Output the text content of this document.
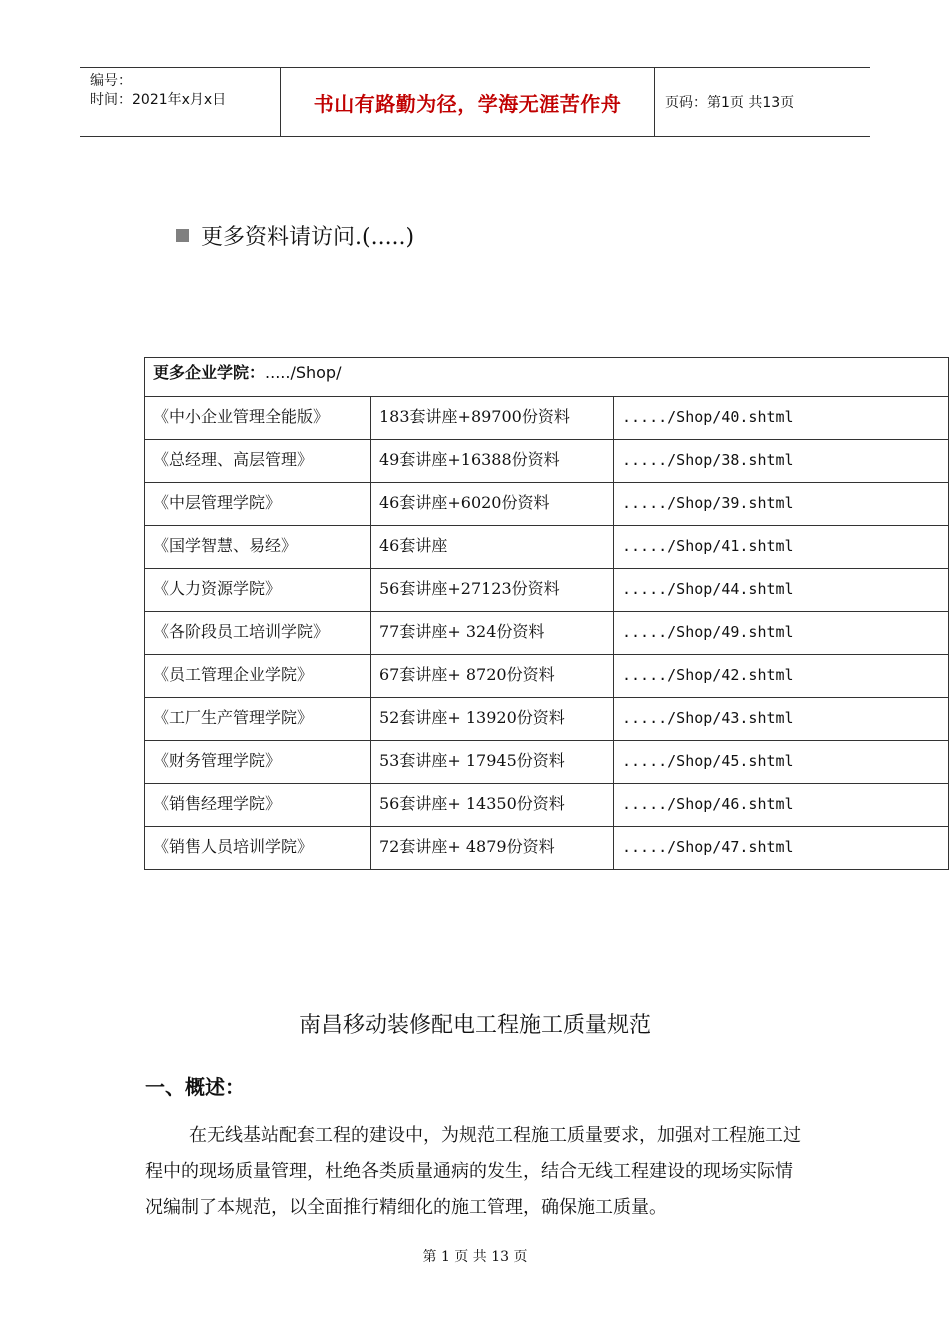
编号：
时间：2021年x月x日	书山有路勤为径，学海无涯苦作舟	页码：第1页 共13页
更多资料请访问.(.....)
更多企业学院：...../Shop/		
《中小企业管理全能版》	183套讲座+89700份资料	...../Shop/40.shtml
《总经理、高层管理》	49套讲座+16388份资料	...../Shop/38.shtml
《中层管理学院》	46套讲座+6020份资料	...../Shop/39.shtml
《国学智慧、易经》	46套讲座	...../Shop/41.shtml
《人力资源学院》	56套讲座+27123份资料	...../Shop/44.shtml
《各阶段员工培训学院》	77套讲座+ 324份资料	...../Shop/49.shtml
《员工管理企业学院》	67套讲座+ 8720份资料	...../Shop/42.shtml
《工厂生产管理学院》	52套讲座+ 13920份资料	...../Shop/43.shtml
《财务管理学院》	53套讲座+ 17945份资料	...../Shop/45.shtml
《销售经理学院》	56套讲座+ 14350份资料	...../Shop/46.shtml
《销售人员培训学院》	72套讲座+ 4879份资料	...../Shop/47.shtml
南昌移动装修配电工程施工质量规范
一、概述：
在无线基站配套工程的建设中，为规范工程施工质量要求，加强对工程施工过程中的现场质量管理，杜绝各类质量通病的发生，结合无线工程建设的现场实际情况编制了本规范，以全面推行精细化的施工管理，确保施工质量。
第 1 页 共 13 页
